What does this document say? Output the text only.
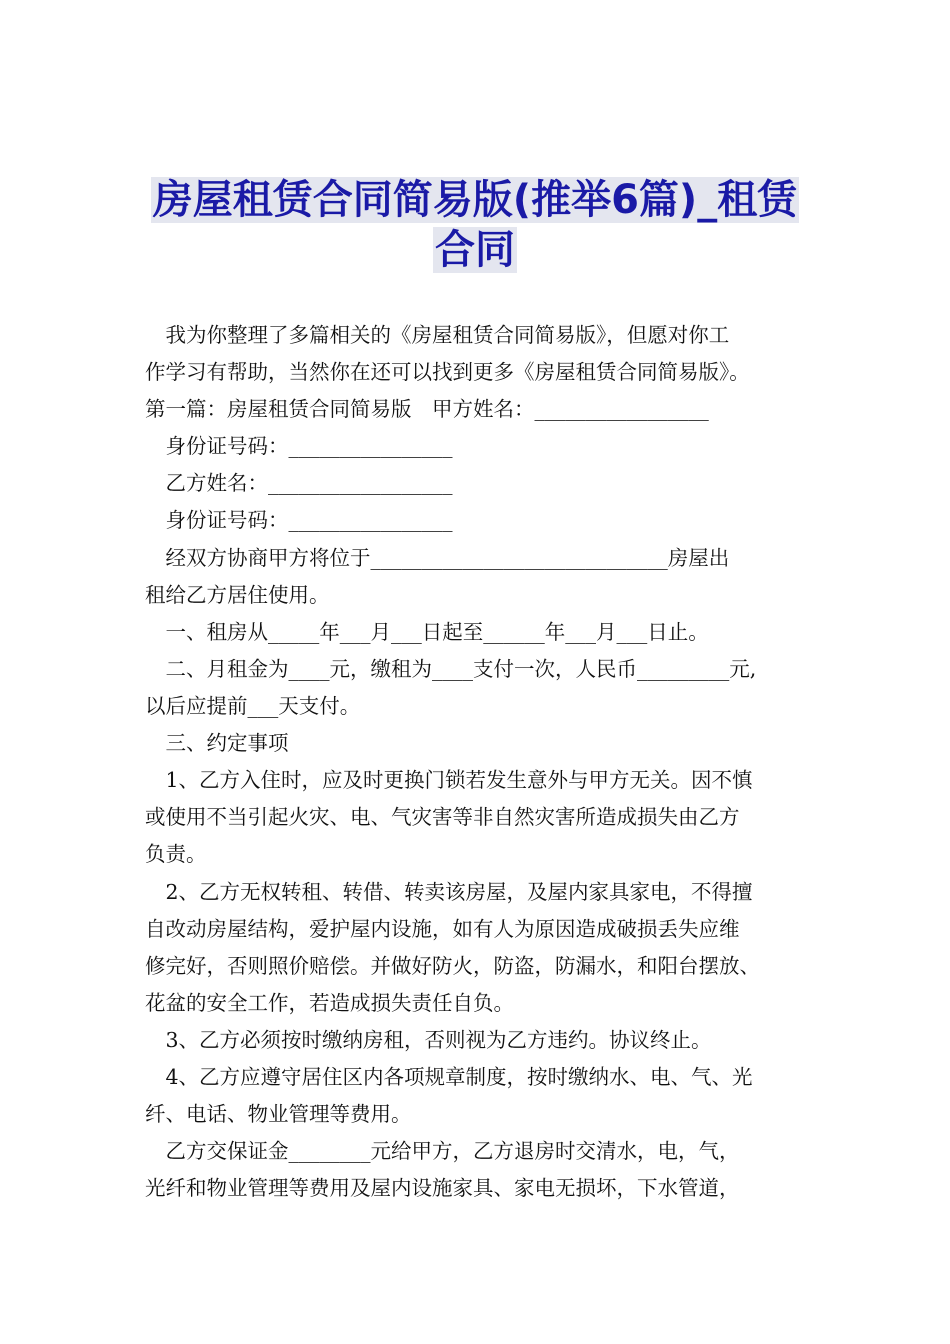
房屋租赁合同简易版(推举6篇)_租赁
合同
　我为你整理了多篇相关的《房屋租赁合同简易版》，但愿对你工
作学习有帮助，当然你在还可以找到更多《房屋租赁合同简易版》。
第一篇：房屋租赁合同简易版　甲方姓名：_________________
　身份证号码：________________
　乙方姓名：__________________
　身份证号码：________________
　经双方协商甲方将位于_____________________________房屋出
租给乙方居住使用。
　一、租房从_____年___月___日起至______年___月___日止。
　二、月租金为____元，缴租为____支付一次，人民币_________元,
以后应提前___天支付。
　三、约定事项
　1、乙方入住时，应及时更换门锁若发生意外与甲方无关。因不慎
或使用不当引起火灾、电、气灾害等非自然灾害所造成损失由乙方
负责。
　2、乙方无权转租、转借、转卖该房屋，及屋内家具家电，不得擅
自改动房屋结构，爱护屋内设施，如有人为原因造成破损丢失应维
修完好，否则照价赔偿。并做好防火，防盗，防漏水，和阳台摆放、
花盆的安全工作，若造成损失责任自负。
　3、乙方必须按时缴纳房租，否则视为乙方违约。协议终止。
　4、乙方应遵守居住区内各项规章制度，按时缴纳水、电、气、光
纤、电话、物业管理等费用。
　乙方交保证金________元给甲方，乙方退房时交清水，电，气，
光纤和物业管理等费用及屋内设施家具、家电无损坏，下水管道，
